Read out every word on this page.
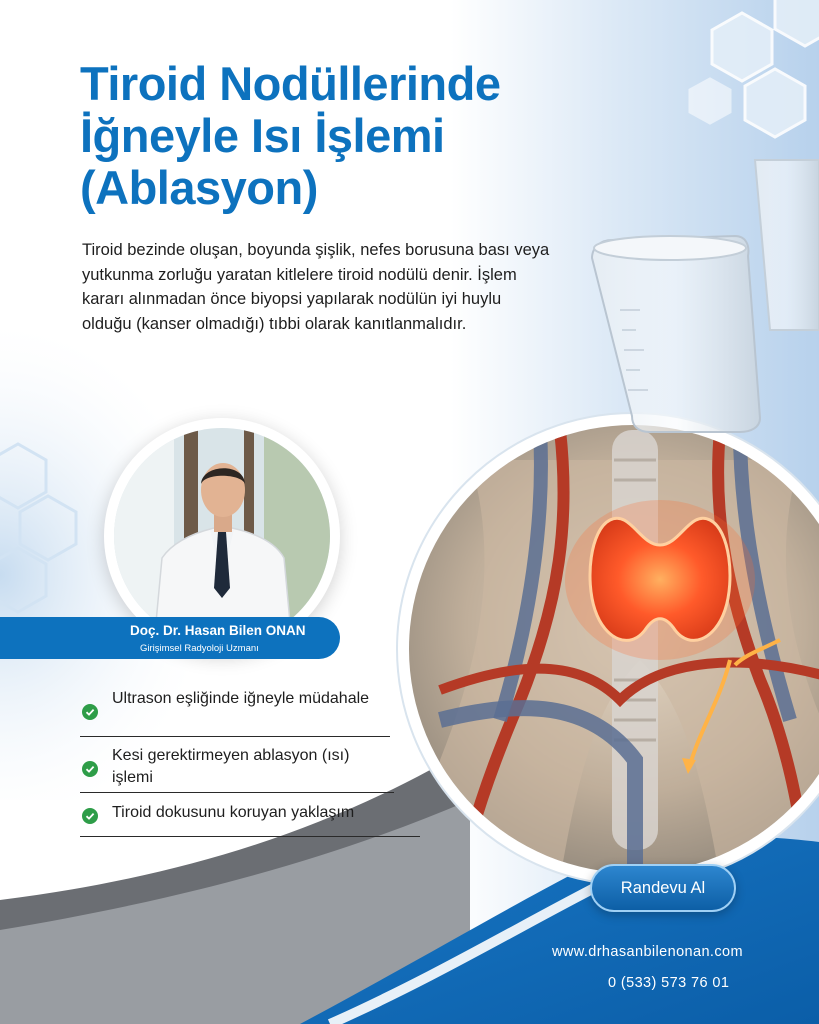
Tiroid Nodüllerinde
İğneyle Isı İşlemi
(Ablasyon)

Tiroid bezinde oluşan, boyunda şişlik, nefes borusuna bası veya yutkunma zorluğu yaratan kitlelere tiroid nodülü denir. İşlem kararı alınmadan önce biyopsi yapılarak nodülün iyi huylu olduğu (kanser olmadığı) tıbbi olarak kanıtlanmalıdır.

Doç. Dr. Hasan Bilen ONAN
Girişimsel Radyoloji Uzmanı
Ultrason eşliğinde iğneyle müdahale
Kesi gerektirmeyen ablasyon (ısı) işlemi
Tiroid dokusunu koruyan yaklaşım
Randevu Al
www.drhasanbilenonan.com
0 (533) 573 76 01
